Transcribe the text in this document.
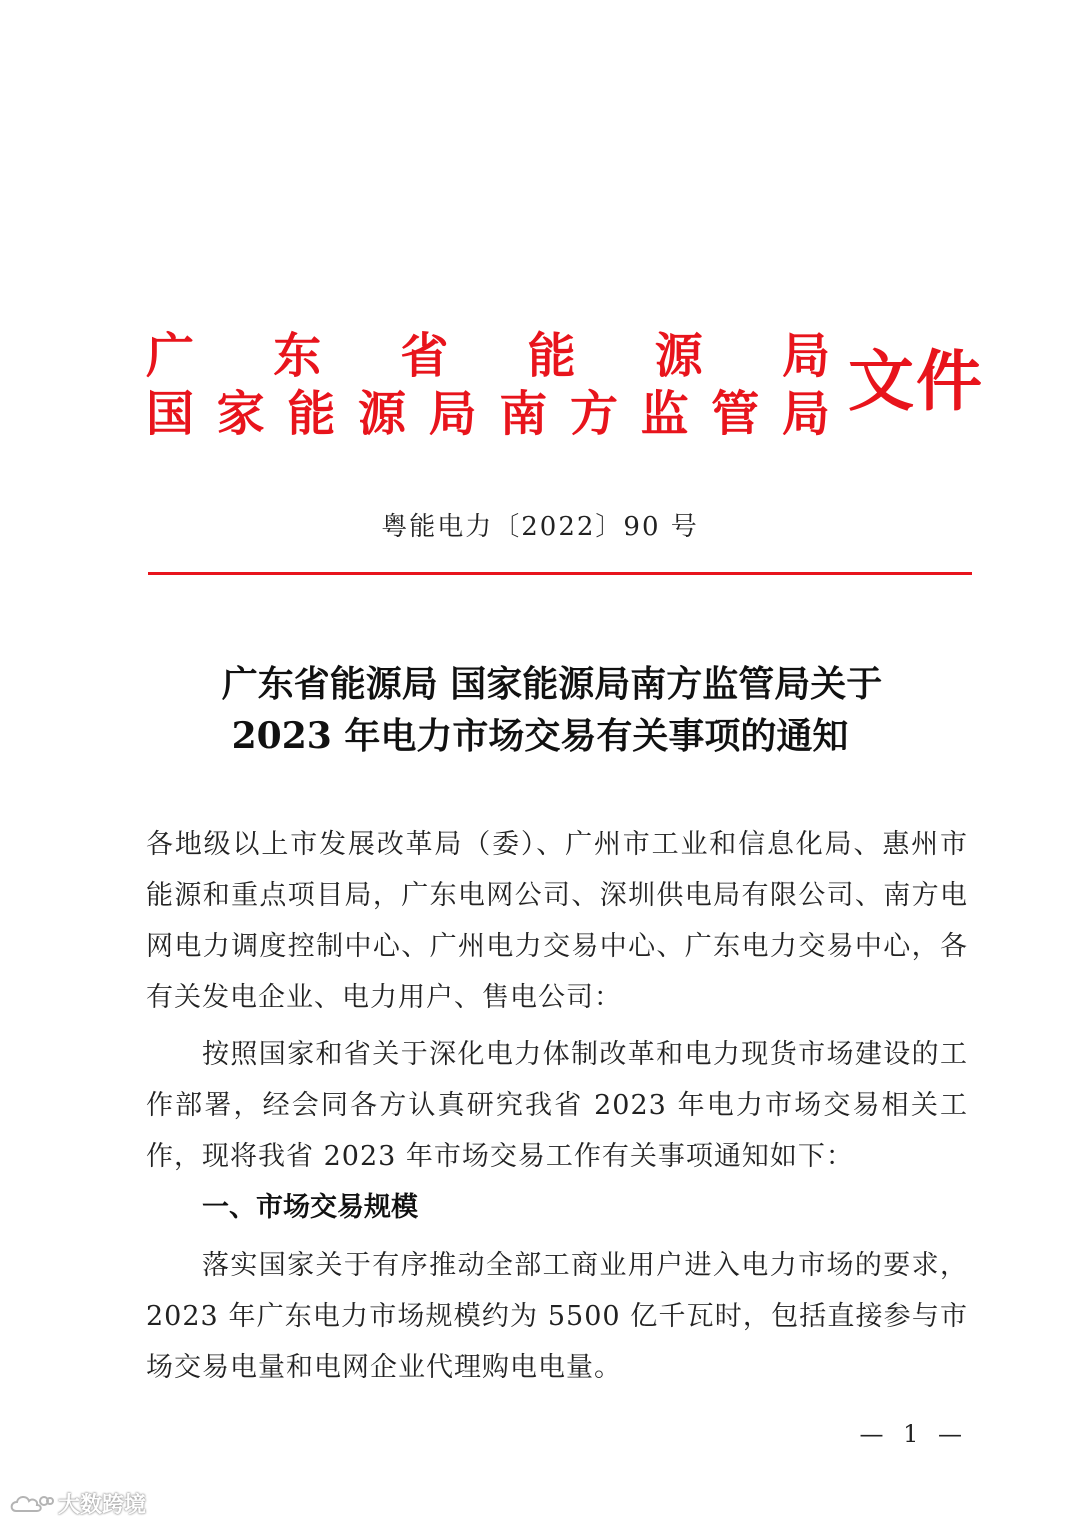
广 东 省 能 源 局
国 家 能 源 局 南 方 监 管 局 文件
粤能电力〔2022〕90 号
广东省能源局 国家能源局南方监管局关于
2023 年电力市场交易有关事项的通知
各地级以上市发展改革局（委）、广州市工业和信息化局、惠州市能源和重点项目局，广东电网公司、深圳供电局有限公司、南方电网电力调度控制中心、广州电力交易中心、广东电力交易中心，各有关发电企业、电力用户、售电公司：
按照国家和省关于深化电力体制改革和电力现货市场建设的工作部署，经会同各方认真研究我省 2023 年电力市场交易相关工作，现将我省 2023 年市场交易工作有关事项通知如下：
一、市场交易规模
落实国家关于有序推动全部工商业用户进入电力市场的要求，2023 年广东电力市场规模约为 5500 亿千瓦时，包括直接参与市场交易电量和电网企业代理购电电量。
— 1 —
大数跨境
